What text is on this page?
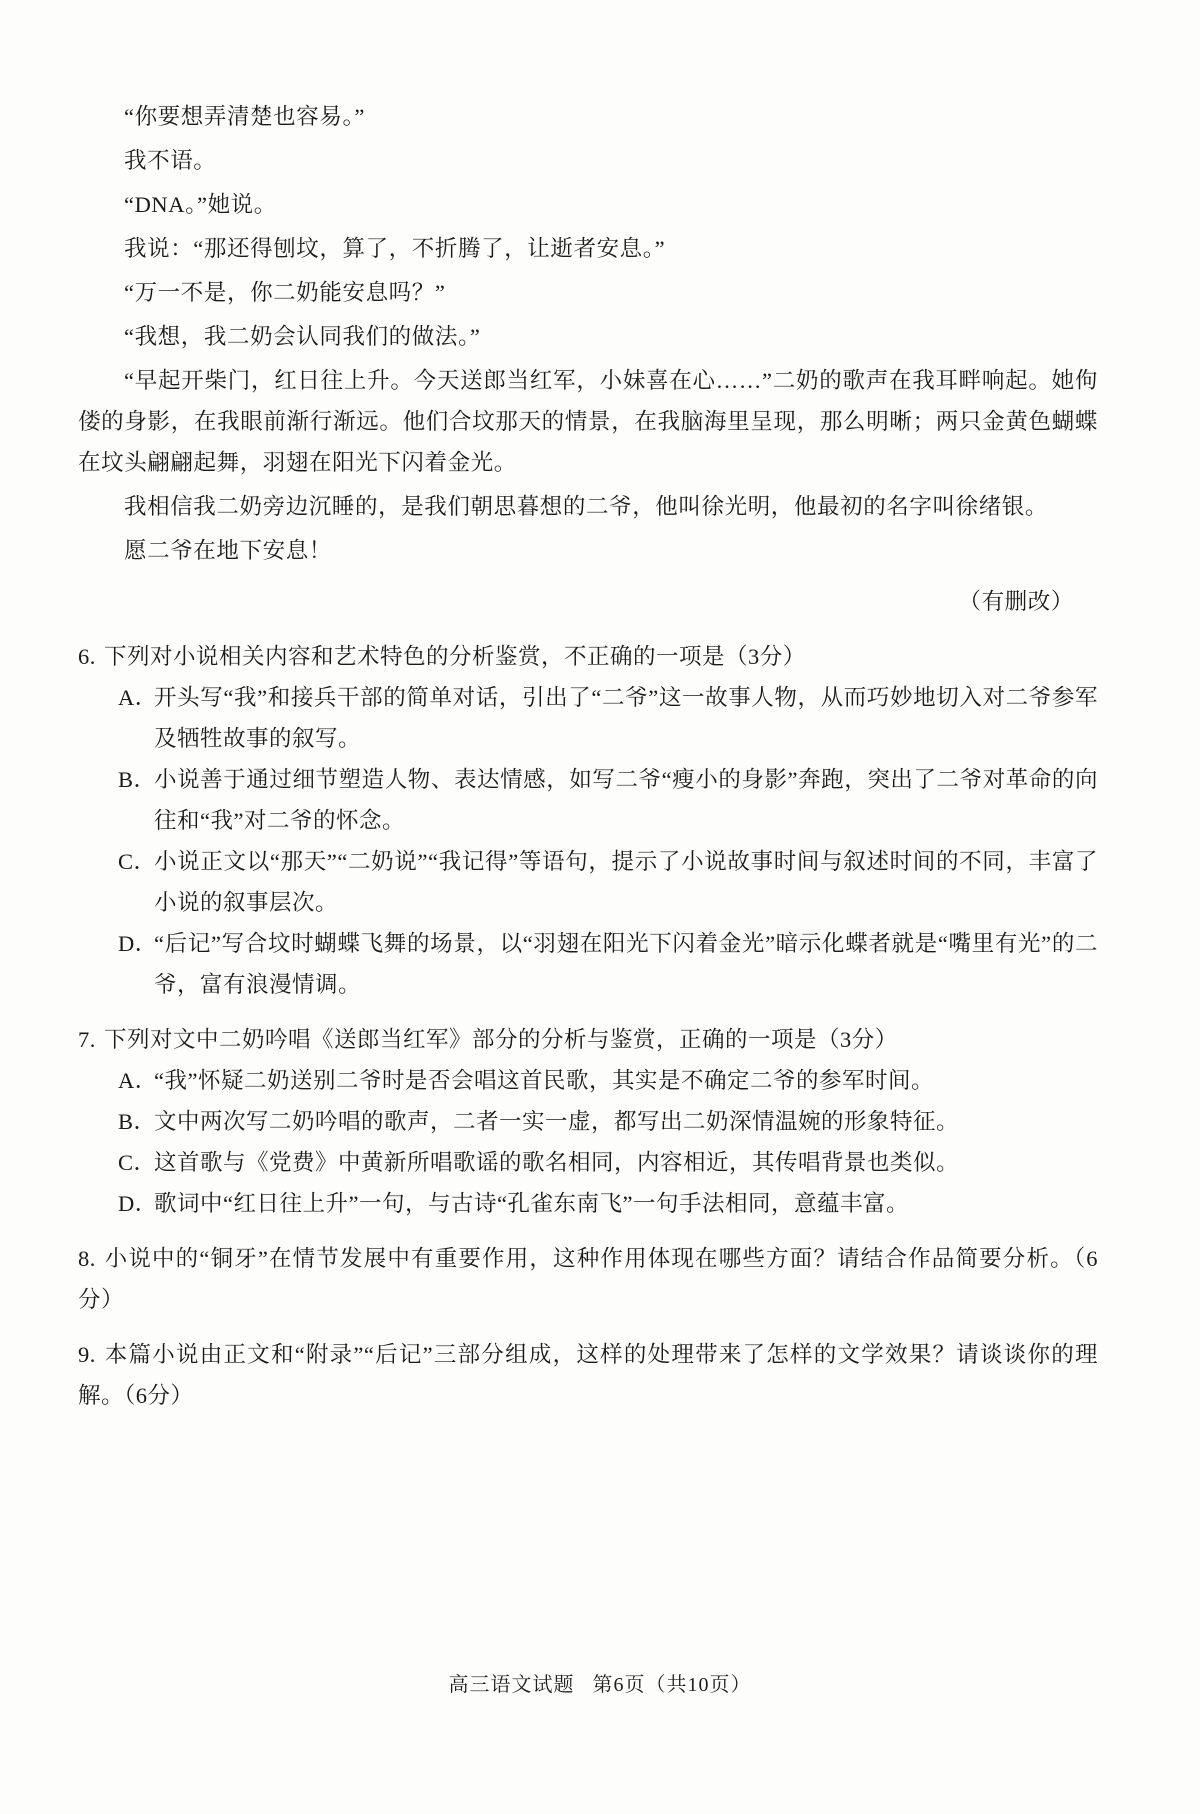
“你要想弄清楚也容易。”

我不语。

“DNA。”她说。

我说：“那还得刨坟，算了，不折腾了，让逝者安息。”

“万一不是，你二奶能安息吗？”

“我想，我二奶会认同我们的做法。”

“早起开柴门，红日往上升。今天送郎当红军，小妹喜在心……”二奶的歌声在我耳畔响起。她佝偻的身影，在我眼前渐行渐远。他们合坟那天的情景，在我脑海里呈现，那么明晰；两只金黄色蝴蝶在坟头翩翩起舞，羽翅在阳光下闪着金光。

我相信我二奶旁边沉睡的，是我们朝思暮想的二爷，他叫徐光明，他最初的名字叫徐绪银。

愿二爷在地下安息！

（有删改）

6. 下列对小说相关内容和艺术特色的分析鉴赏，不正确的一项是（3分）

A．
开头写“我”和接兵干部的简单对话，引出了“二爷”这一故事人物，从而巧妙地切入对二爷参军及牺牲故事的叙写。

B．
小说善于通过细节塑造人物、表达情感，如写二爷“瘦小的身影”奔跑，突出了二爷对革命的向往和“我”对二爷的怀念。

C．
小说正文以“那天”“二奶说”“我记得”等语句，提示了小说故事时间与叙述时间的不同，丰富了小说的叙事层次。

D．
“后记”写合坟时蝴蝶飞舞的场景，以“羽翅在阳光下闪着金光”暗示化蝶者就是“嘴里有光”的二爷，富有浪漫情调。

7. 下列对文中二奶吟唱《送郎当红军》部分的分析与鉴赏，正确的一项是（3分）

A．
“我”怀疑二奶送别二爷时是否会唱这首民歌，其实是不确定二爷的参军时间。

B．
文中两次写二奶吟唱的歌声，二者一实一虚，都写出二奶深情温婉的形象特征。

C．
这首歌与《党费》中黄新所唱歌谣的歌名相同，内容相近，其传唱背景也类似。

D．
歌词中“红日往上升”一句，与古诗“孔雀东南飞”一句手法相同，意蕴丰富。

8. 小说中的“铜牙”在情节发展中有重要作用，这种作用体现在哪些方面？请结合作品简要分析。（6分）

9. 本篇小说由正文和“附录”“后记”三部分组成，这样的处理带来了怎样的文学效果？请谈谈你的理解。（6分）

高三语文试题 第6页（共10页）
